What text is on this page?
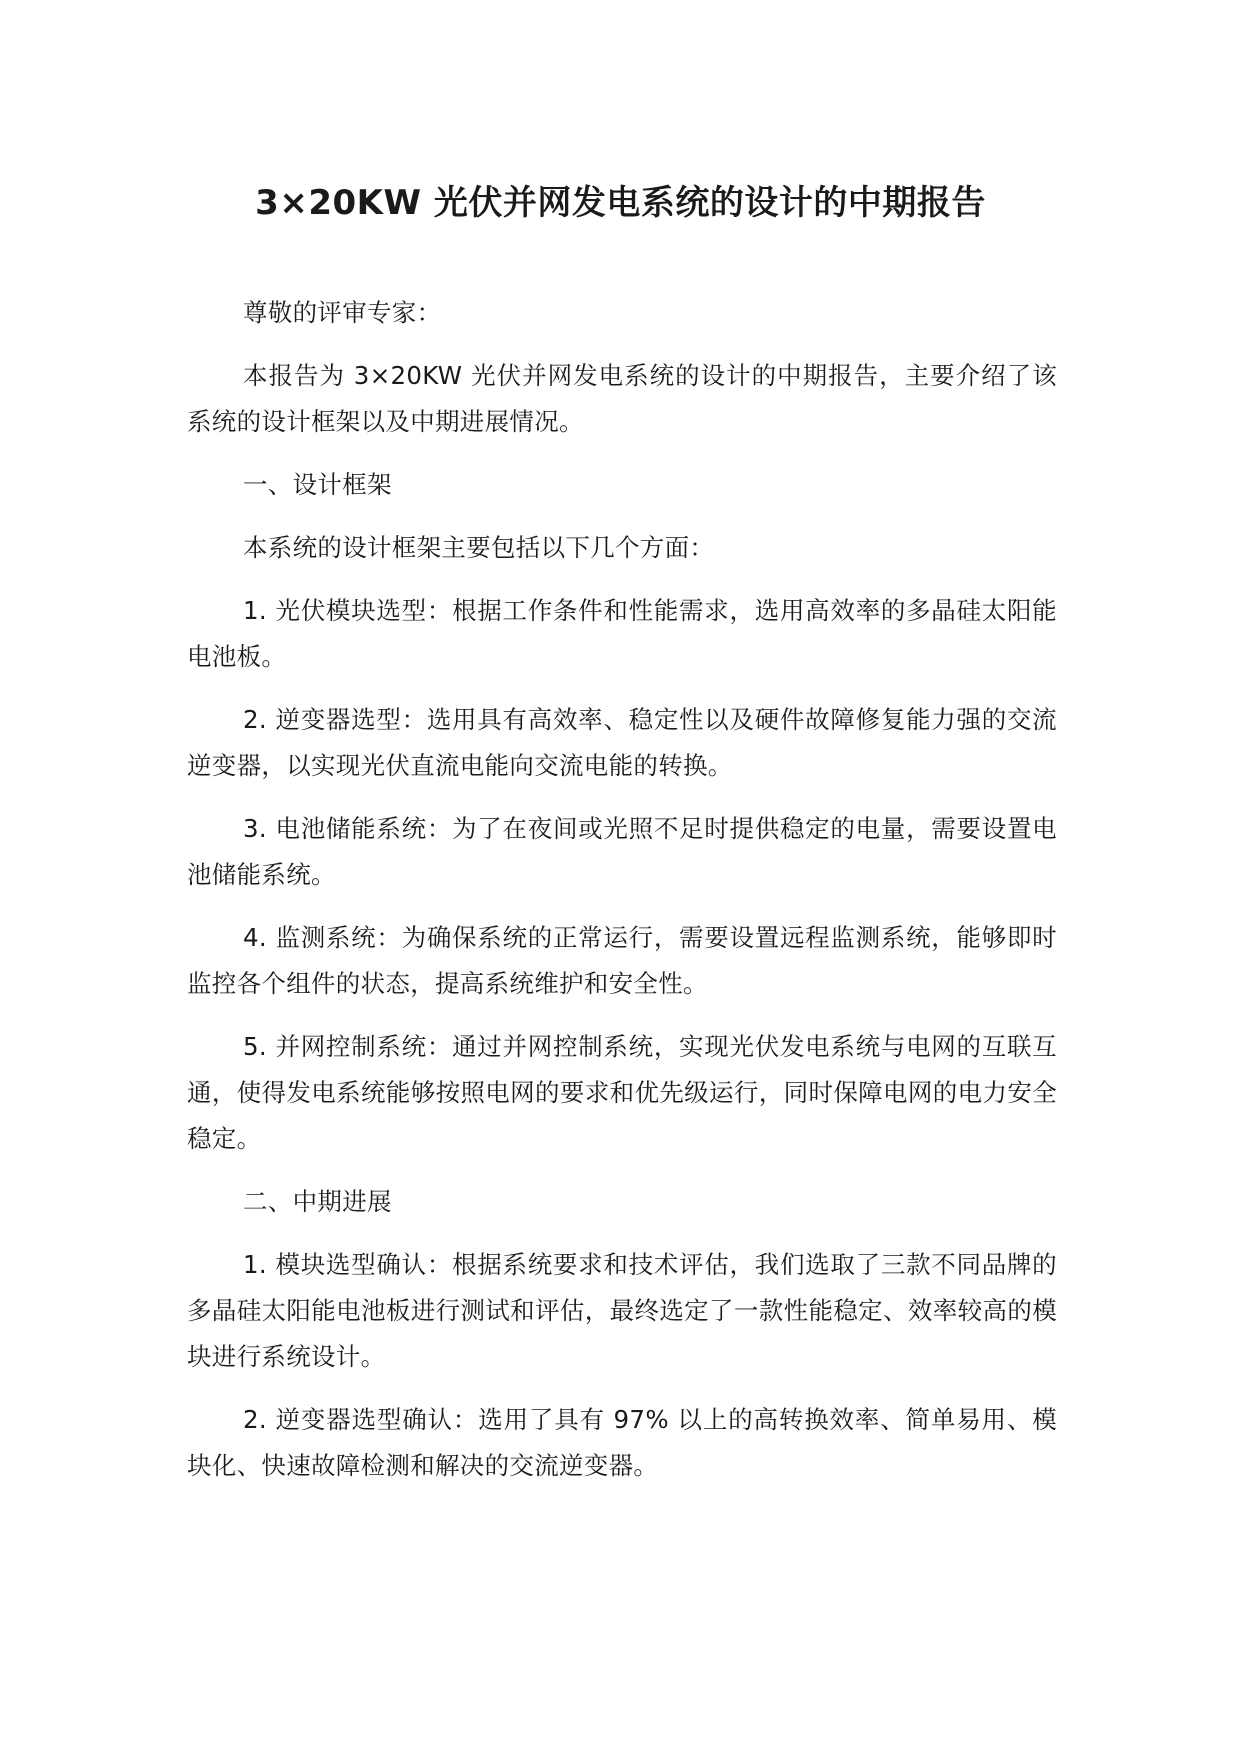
3×20KW 光伏并网发电系统的设计的中期报告

尊敬的评审专家：

本报告为 3×20KW 光伏并网发电系统的设计的中期报告，主要介绍了该系统的设计框架以及中期进展情况。

一、设计框架

本系统的设计框架主要包括以下几个方面：

1. 光伏模块选型：根据工作条件和性能需求，选用高效率的多晶硅太阳能电池板。

2. 逆变器选型：选用具有高效率、稳定性以及硬件故障修复能力强的交流逆变器，以实现光伏直流电能向交流电能的转换。

3. 电池储能系统：为了在夜间或光照不足时提供稳定的电量，需要设置电池储能系统。

4. 监测系统：为确保系统的正常运行，需要设置远程监测系统，能够即时监控各个组件的状态，提高系统维护和安全性。

5. 并网控制系统：通过并网控制系统，实现光伏发电系统与电网的互联互通，使得发电系统能够按照电网的要求和优先级运行，同时保障电网的电力安全稳定。

二、中期进展

1. 模块选型确认：根据系统要求和技术评估，我们选取了三款不同品牌的多晶硅太阳能电池板进行测试和评估，最终选定了一款性能稳定、效率较高的模块进行系统设计。

2. 逆变器选型确认：选用了具有 97% 以上的高转换效率、简单易用、模块化、快速故障检测和解决的交流逆变器。
